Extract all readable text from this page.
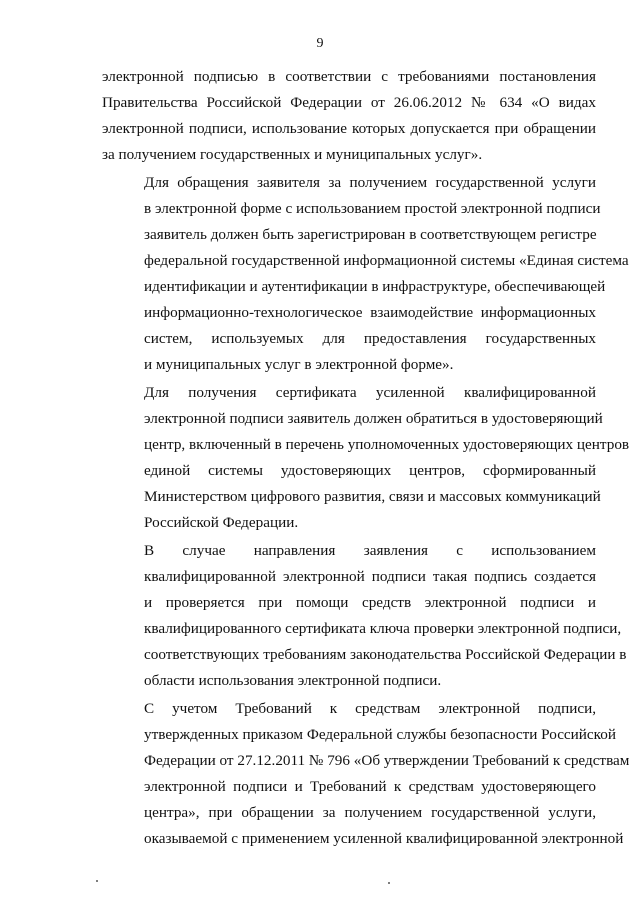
9

электронной подписью в соответствии с требованиями постановления
Правительства Российской Федерации от 26.06.2012 № 634 «О видах
электронной подписи, использование которых допускается при обращении
за получением государственных и муниципальных услуг».

Для обращения заявителя за получением государственной услуги
в электронной форме с использованием простой электронной подписи
заявитель должен быть зарегистрирован в соответствующем регистре
федеральной государственной информационной системы «Единая система
идентификации и аутентификации в инфраструктуре, обеспечивающей
информационно-технологическое взаимодействие информационных
систем, используемых для предоставления государственных
и муниципальных услуг в электронной форме».

Для получения сертификата усиленной квалифицированной
электронной подписи заявитель должен обратиться в удостоверяющий
центр, включенный в перечень уполномоченных удостоверяющих центров
единой системы удостоверяющих центров, сформированный
Министерством цифрового развития, связи и массовых коммуникаций
Российской Федерации.

В случае направления заявления с использованием
квалифицированной электронной подписи такая подпись создается
и проверяется при помощи средств электронной подписи и
квалифицированного сертификата ключа проверки электронной подписи,
соответствующих требованиям законодательства Российской Федерации в
области использования электронной подписи.

С учетом Требований к средствам электронной подписи,
утвержденных приказом Федеральной службы безопасности Российской
Федерации от 27.12.2011 № 796 «Об утверждении Требований к средствам
электронной подписи и Требований к средствам удостоверяющего
центра», при обращении за получением государственной услуги,
оказываемой с применением усиленной квалифицированной электронной
